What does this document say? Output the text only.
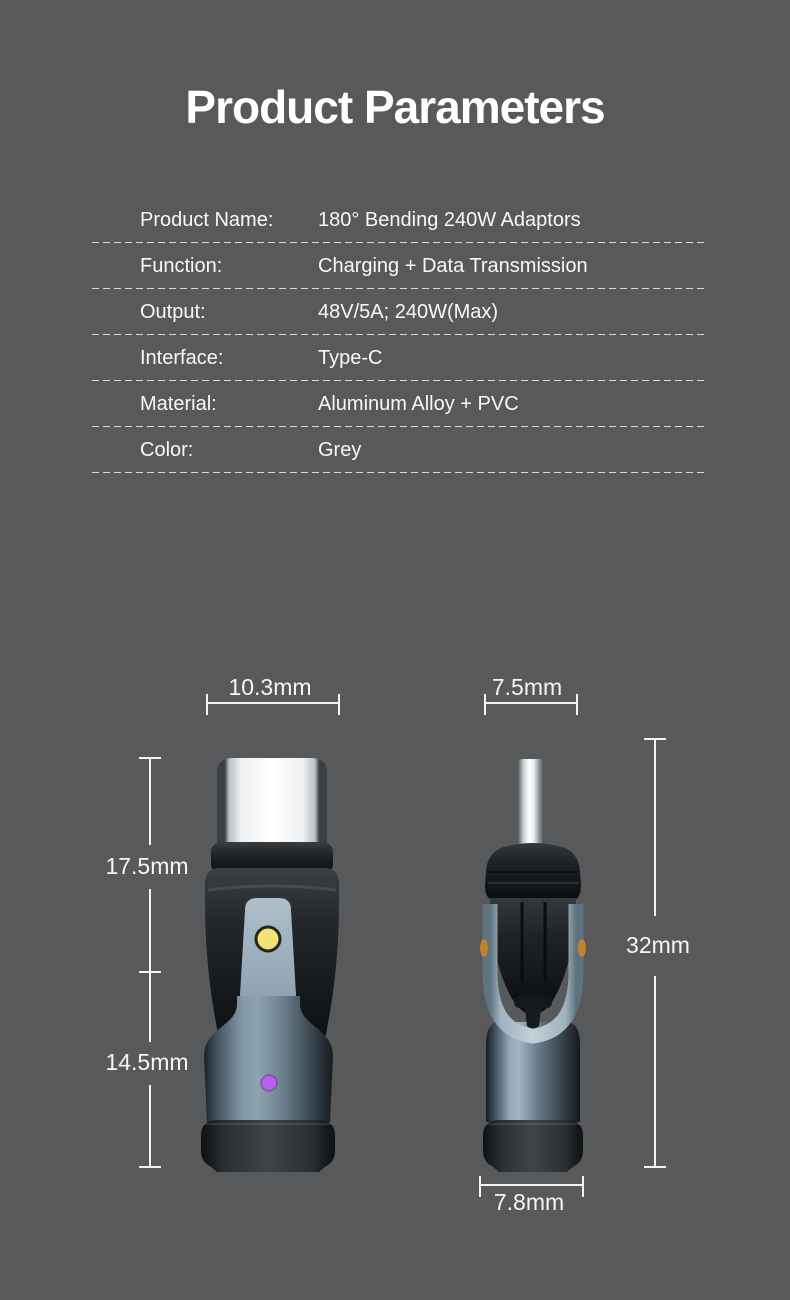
Product Parameters
Product Name:	180° Bending 240W Adaptors
Function:	Charging + Data Transmission
Output:	48V/5A; 240W(Max)
Interface:	Type-C
Material:	Aluminum Alloy + PVC
Color:	Grey
10.3mm
17.5mm
14.5mm
7.5mm
32mm
7.8mm
